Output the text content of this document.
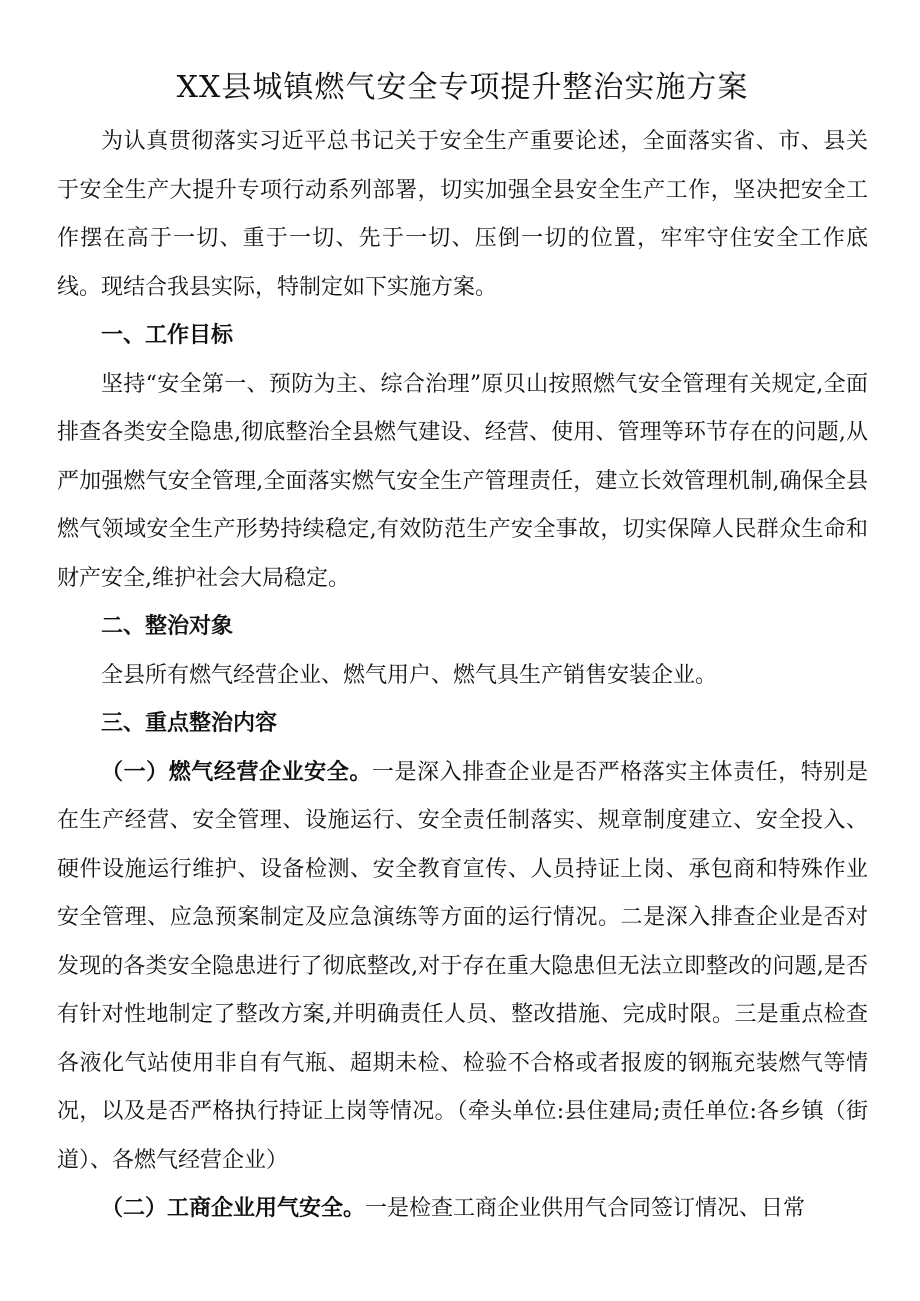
XX县城镇燃气安全专项提升整治实施方案

为认真贯彻落实习近平总书记关于安全生产重要论述，全面落实省、市、县关于安全生产大提升专项行动系列部署，切实加强全县安全生产工作，坚决把安全工作摆在高于一切、重于一切、先于一切、压倒一切的位置，牢牢守住安全工作底线。现结合我县实际，特制定如下实施方案。

一、工作目标

坚持“安全第一、预防为主、综合治理”原贝山按照燃气安全管理有关规定,全面排查各类安全隐患,彻底整治全县燃气建设、经营、使用、管理等环节存在的问题,从严加强燃气安全管理,全面落实燃气安全生产管理责任，建立长效管理机制,确保全县燃气领域安全生产形势持续稳定,有效防范生产安全事故，切实保障人民群众生命和财产安全,维护社会大局稳定。

二、整治对象

全县所有燃气经营企业、燃气用户、燃气具生产销售安装企业。

三、重点整治内容

（一）燃气经营企业安全。一是深入排查企业是否严格落实主体责任，特别是在生产经营、安全管理、设施运行、安全责任制落实、规章制度建立、安全投入、硬件设施运行维护、设备检测、安全教育宣传、人员持证上岗、承包商和特殊作业安全管理、应急预案制定及应急演练等方面的运行情况。二是深入排查企业是否对发现的各类安全隐患进行了彻底整改,对于存在重大隐患但无法立即整改的问题,是否有针对性地制定了整改方案,并明确责任人员、整改措施、完成时限。三是重点检查各液化气站使用非自有气瓶、超期未检、检验不合格或者报废的钢瓶充装燃气等情况，以及是否严格执行持证上岗等情况。（牵头单位:县住建局;责任单位:各乡镇（街道）、各燃气经营企业）

（二）工商企业用气安全。一是检查工商企业供用气合同签订情况、日常
